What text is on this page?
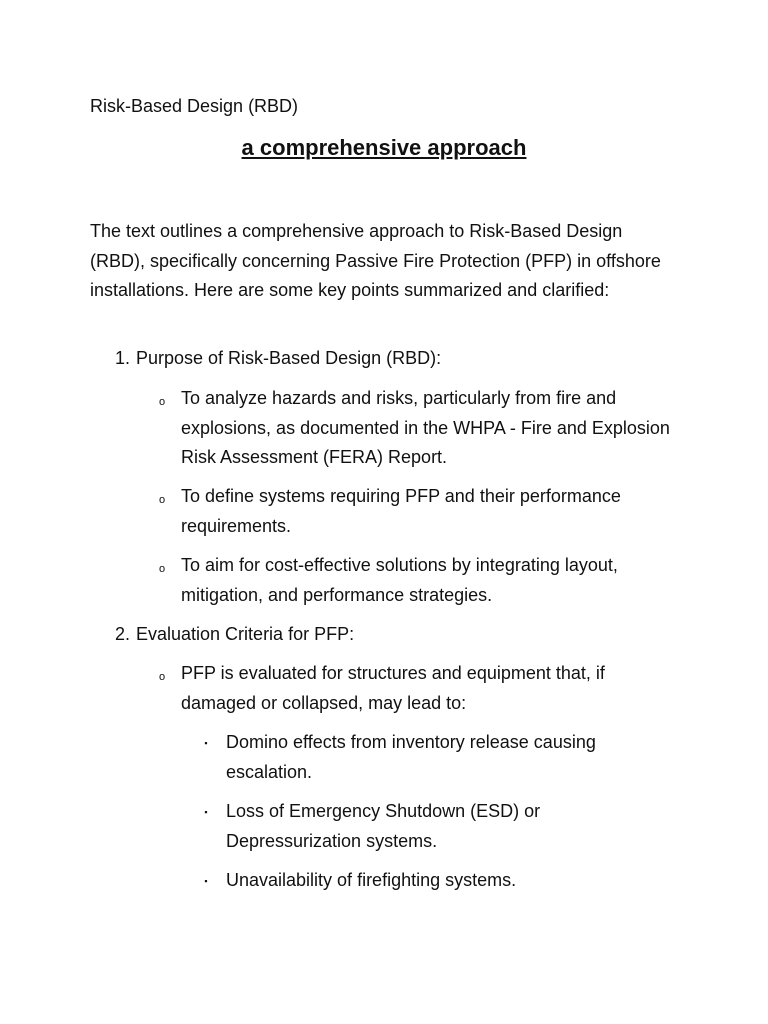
Risk-Based Design (RBD)

a comprehensive approach

The text outlines a comprehensive approach to Risk-Based Design (RBD), specifically concerning Passive Fire Protection (PFP) in offshore installations. Here are some key points summarized and clarified:

1. Purpose of Risk-Based Design (RBD):
o To analyze hazards and risks, particularly from fire and explosions, as documented in the WHPA - Fire and Explosion Risk Assessment (FERA) Report.
o To define systems requiring PFP and their performance requirements.
o To aim for cost-effective solutions by integrating layout, mitigation, and performance strategies.
2. Evaluation Criteria for PFP:
o PFP is evaluated for structures and equipment that, if damaged or collapsed, may lead to:
▪ Domino effects from inventory release causing escalation.
▪ Loss of Emergency Shutdown (ESD) or Depressurization systems.
▪ Unavailability of firefighting systems.
